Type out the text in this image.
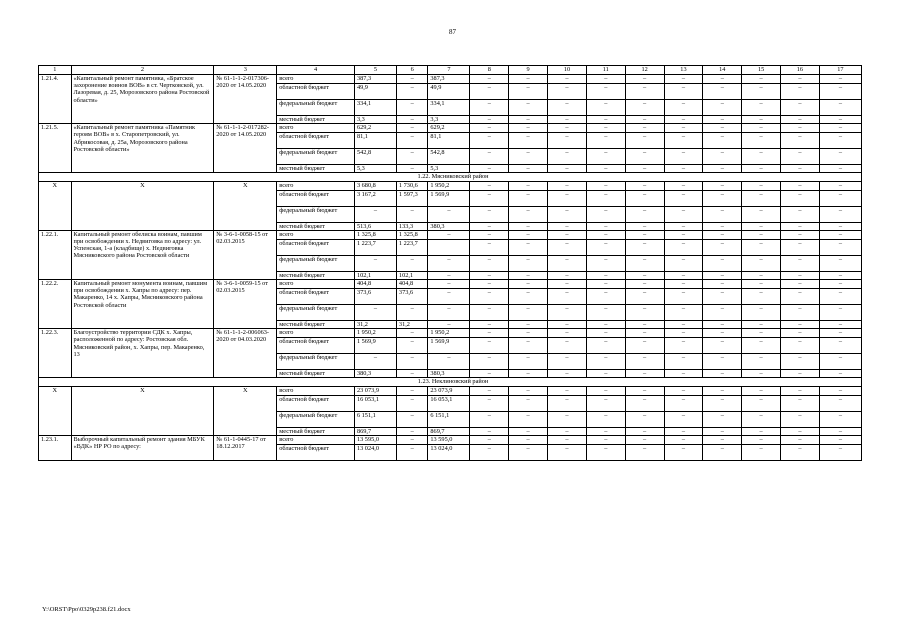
87
1	2	3	4	5	6	7	8	9	10	11	12	13	14	15	16	17
1.21.4.	«Капитальный ремонт памятника, «Братское захоронение воинов ВОВ» в ст. Чертковской, ул. Лазоревая, д. 25, Морозовского района Ростовской области»	№ 61-1-1-2-017306-2020 от 14.05.2020	всего	387,3	–	387,3	–	–	–	–	–	–	–	–	–	–
			областной бюджет	49,9	–	49,9	–	–	–	–	–	–	–	–	–	–
			федеральный бюджет	334,1	–	334,1	–	–	–	–	–	–	–	–	–	–
			местный бюджет	3,3	–	3,3	–	–	–	–	–	–	–	–	–	–
1.21.5.	«Капитальный ремонт памятника «Памятник героям ВОВ» в х. Старопетровский, ул. Абрикосовая, д. 25а, Морозовского района Ростовской области»	№ 61-1-1-2-017282-2020 от 14.05.2020	всего	629,2	–	629,2	–	–	–	–	–	–	–	–	–	–
			областной бюджет	81,1	–	81,1	–	–	–	–	–	–	–	–	–	–
			федеральный бюджет	542,8	–	542,8	–	–	–	–	–	–	–	–	–	–
			местный бюджет	5,3	–	5,3	–	–	–	–	–	–	–	–	–	–
1.22. Мясниковский район																
Х	Х	Х	всего	3 680,8	1 730,6	1 950,2	–	–	–	–	–	–	–	–	–	–
			областной бюджет	3 167,2	1 597,3	1 569,9	–	–	–	–	–	–	–	–	–	–
			федеральный бюджет	–	–	–	–	–	–	–	–	–	–	–	–	–
			местный бюджет	513,6	133,3	380,3	–	–	–	–	–	–	–	–	–	–
1.22.1.	Капитальный ремонт обелиска воинам, павшим при освобождении х. Недвиговка по адресу: ул. Успенская, 1-а (кладбище) х. Недвиговка Мясниковского района Ростовской области	№ 3-6-1-0058-15 от 02.03.2015	всего	1 325,8	1 325,8	–	–	–	–	–	–	–	–	–	–	–
			областной бюджет	1 223,7	1 223,7		–	–	–	–	–	–	–	–	–	–
			федеральный бюджет	–	–	–	–	–	–	–	–	–	–	–	–	–
			местный бюджет	102,1	102,1	–	–	–	–	–	–	–	–	–	–	–
1.22.2.	Капитальный ремонт монумента воинам, павшим при освобождении х. Хапры по адресу: пер. Макаренко, 14 х. Хапры, Мясниковского района Ростовской области	№ 3-6-1-0059-15 от 02.03.2015	всего	404,8	404,8	–	–	–	–	–	–	–	–	–	–	–
			областной бюджет	373,6	373,6	–	–	–	–	–	–	–	–	–	–	–
			федеральный бюджет	–	–	–	–	–	–	–	–	–	–	–	–	–
			местный бюджет	31,2	31,2	–	–	–	–	–	–	–	–	–	–	–
1.22.3.	Благоустройство территории СДК х. Хапры, расположенной по адресу: Ростовская обл. Мясниковский район, х. Хапры, пер. Макаренко, 13	№ 61-1-1-2-006063-2020 от 04.03.2020	всего	1 950,2	–	1 950,2	–	–	–	–	–	–	–	–	–	–
			областной бюджет	1 569,9	–	1 569,9	–	–	–	–	–	–	–	–	–	–
			федеральный бюджет	–	–	–	–	–	–	–	–	–	–	–	–	–
			местный бюджет	380,3	–	380,3	–	–	–	–	–	–	–	–	–	–
1.23. Неклиновский район																
Х	Х	Х	всего	23 073,9	–	23 073,9	–	–	–	–	–	–	–	–	–	–
			областной бюджет	16 053,1	–	16 053,1	–	–	–	–	–	–	–	–	–	–
			федеральный бюджет	6 151,1	–	6 151,1	–	–	–	–	–	–	–	–	–	–
			местный бюджет	869,7	–	869,7	–	–	–	–	–	–	–	–	–	–
1.23.1.	Выборочный капитальный ремонт здания МБУК «ВДК» НР РО по адресу:	№ 61-1-0445-17 от 18.12.2017	всего	13 595,0	–	13 595,0	–	–	–	–	–	–	–	–	–	–
			областной бюджет	13 024,0	–	13 024,0	–	–	–	–	–	–	–	–	–	–
Y:\ORST\Ppo\0329p238.f21.docx
